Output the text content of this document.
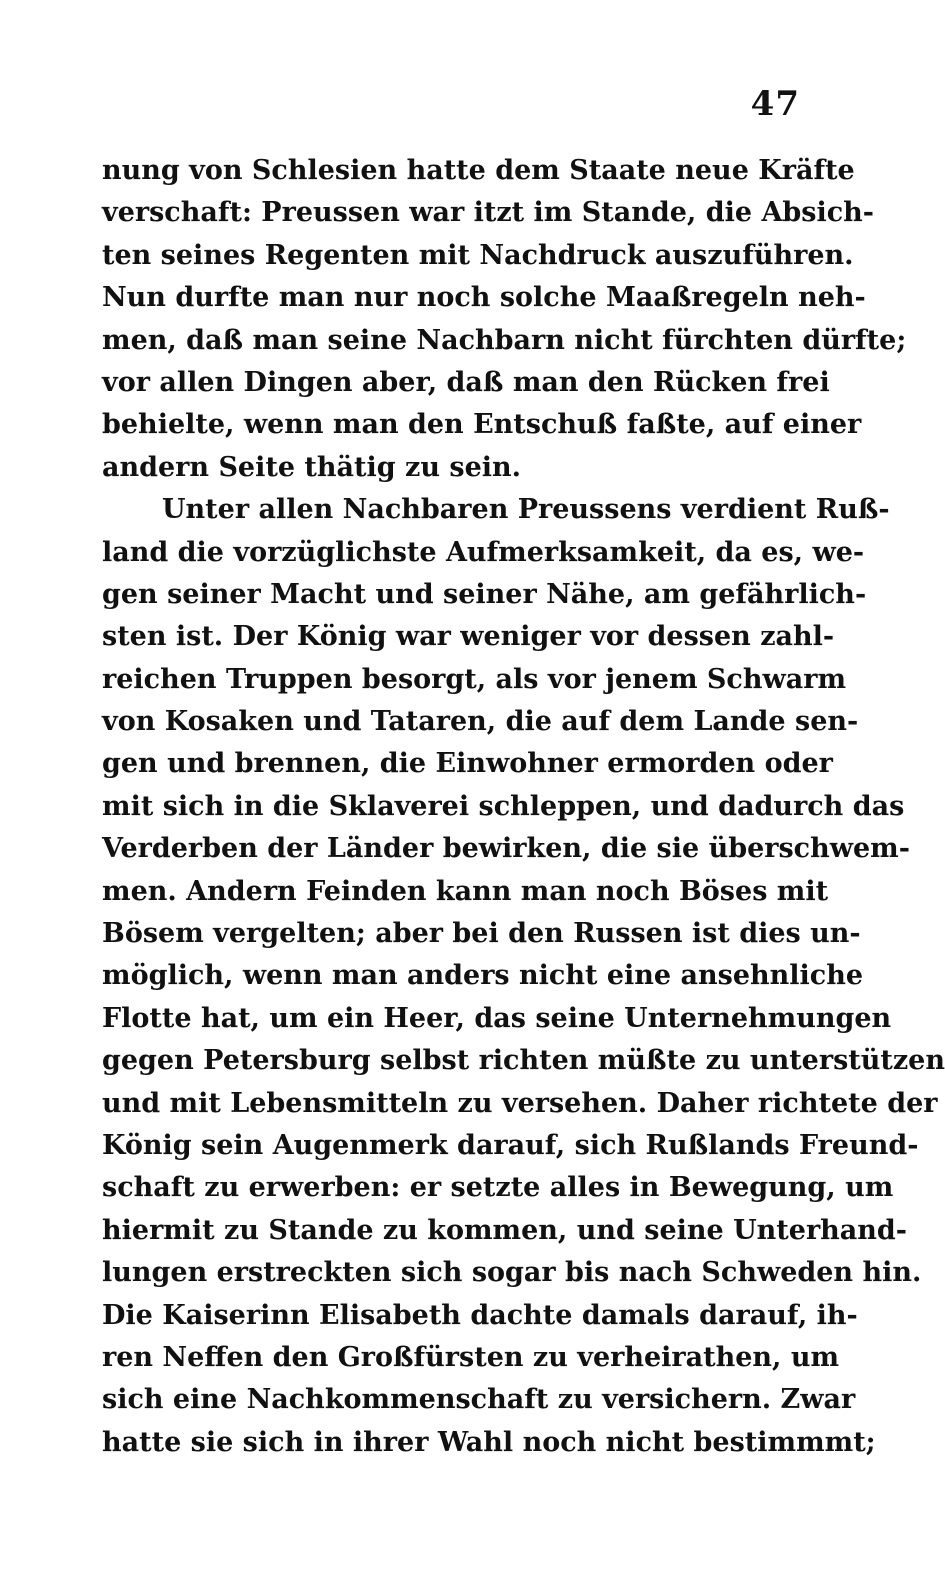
47
nung von Schlesien hatte dem Staate neue Kräfte
verschaft: Preussen war itzt im Stande, die Absich-
ten seines Regenten mit Nachdruck auszuführen.
Nun durfte man nur noch solche Maaßregeln neh-
men, daß man seine Nachbarn nicht fürchten dürfte;
vor allen Dingen aber, daß man den Rücken frei
behielte, wenn man den Entschuß faßte, auf einer
andern Seite thätig zu sein.
Unter allen Nachbaren Preussens verdient Ruß-
land die vorzüglichste Aufmerksamkeit, da es, we-
gen seiner Macht und seiner Nähe, am gefährlich-
sten ist. Der König war weniger vor dessen zahl-
reichen Truppen besorgt, als vor jenem Schwarm
von Kosaken und Tataren, die auf dem Lande sen-
gen und brennen, die Einwohner ermorden oder
mit sich in die Sklaverei schleppen, und dadurch das
Verderben der Länder bewirken, die sie überschwem-
men. Andern Feinden kann man noch Böses mit
Bösem vergelten; aber bei den Russen ist dies un-
möglich, wenn man anders nicht eine ansehnliche
Flotte hat, um ein Heer, das seine Unternehmungen
gegen Petersburg selbst richten müßte zu unterstützen
und mit Lebensmitteln zu versehen. Daher richtete der
König sein Augenmerk darauf, sich Rußlands Freund-
schaft zu erwerben: er setzte alles in Bewegung, um
hiermit zu Stande zu kommen, und seine Unterhand-
lungen erstreckten sich sogar bis nach Schweden hin.
Die Kaiserinn Elisabeth dachte damals darauf, ih-
ren Neffen den Großfürsten zu verheirathen, um
sich eine Nachkommenschaft zu versichern. Zwar
hatte sie sich in ihrer Wahl noch nicht bestimmmt;
